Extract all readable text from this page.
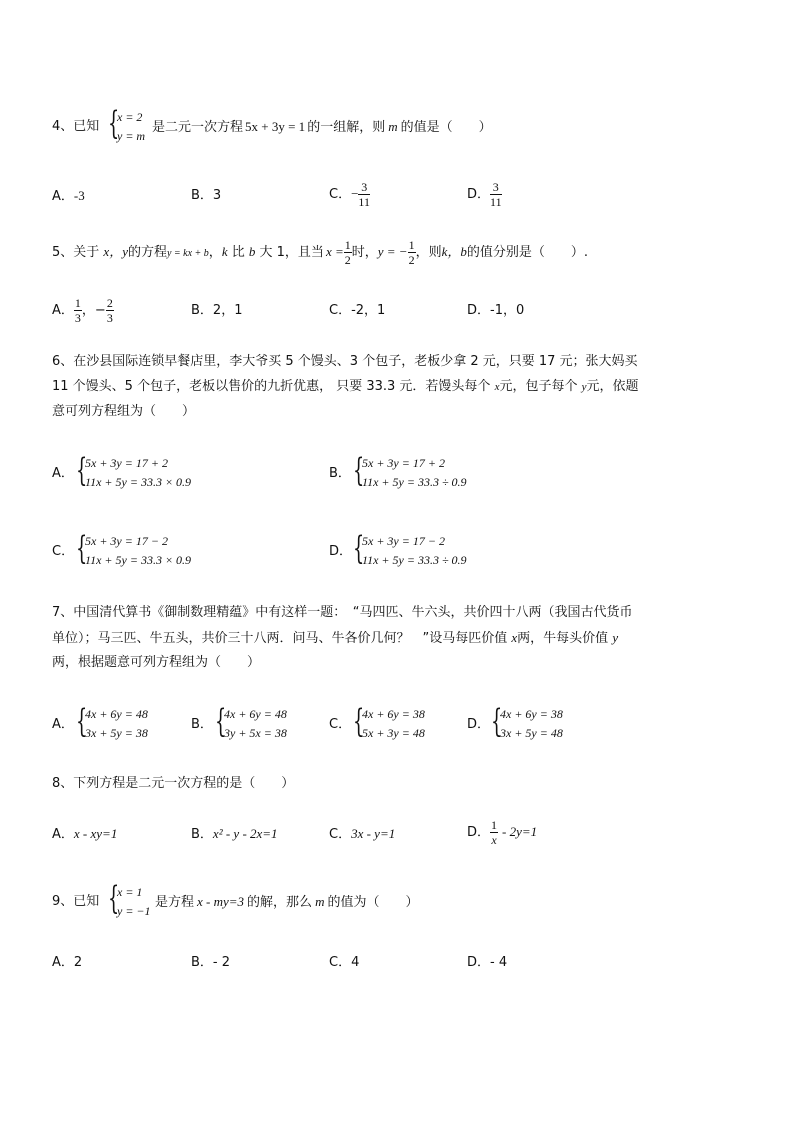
4、已知 {
x = 2
y = m
是二元一次方程 5x + 3y = 1 的一组解，则 m 的值是（　　）
A．-3	B．3	C．− $\frac{3}{11}$	D． $\frac{3}{11}$
5、关于 x，y的方程y = kx + b，k 比 b 大 1，且当 $x = \frac{1}{2}$ 时，y = − $\frac{1}{2}$ ，则k，b的值分别是（　　）.
A． $\frac{1}{3}$ ，− $\frac{2}{3}$	B．2，1	C．-2，1	D．-1，0
6、在沙县国际连锁早餐店里，李大爷买 5 个馒头、3 个包子，老板少拿 2 元，只要 17 元；张大妈买
11 个馒头、5 个包子，老板以售价的九折优惠， 只要 33.3 元．若馒头每个 x元，包子每个 y元，依题
意可列方程组为（　　）
A． {
5x + 3y = 17 + 2
11x + 5y = 33.3 × 0.9
B． {
5x + 3y = 17 + 2
11x + 5y = 33.3 ÷ 0.9
C． {
5x + 3y = 17 − 2
11x + 5y = 33.3 × 0.9
D． {
5x + 3y = 17 − 2
11x + 5y = 33.3 ÷ 0.9
7、中国清代算书《御制数理精蕴》中有这样一题：　“马四匹、牛六头，共价四十八两（我国古代货币
单位）；马三匹、牛五头，共价三十八两．问马、牛各价几何？　”设马每匹价值 x两，牛每头价值 y
两，根据题意可列方程组为（　　）
A． {
4x + 6y = 48
3x + 5y = 38
B． {
4x + 6y = 48
3y + 5x = 38
C． {
4x + 6y = 38
5x + 3y = 48
D． {
4x + 6y = 38
3x + 5y = 48
8、下列方程是二元一次方程的是（　　）
A．x - xy=1	B．x² - y - 2x=1	C．3x - y=1	D． $\frac{1}{x} - 2y=1$
9、已知 {
x = 1
y = −1
是方程 x - my=3 的解，那么 m 的值为（　　）
A．2	B．- 2	C．4	D．- 4
